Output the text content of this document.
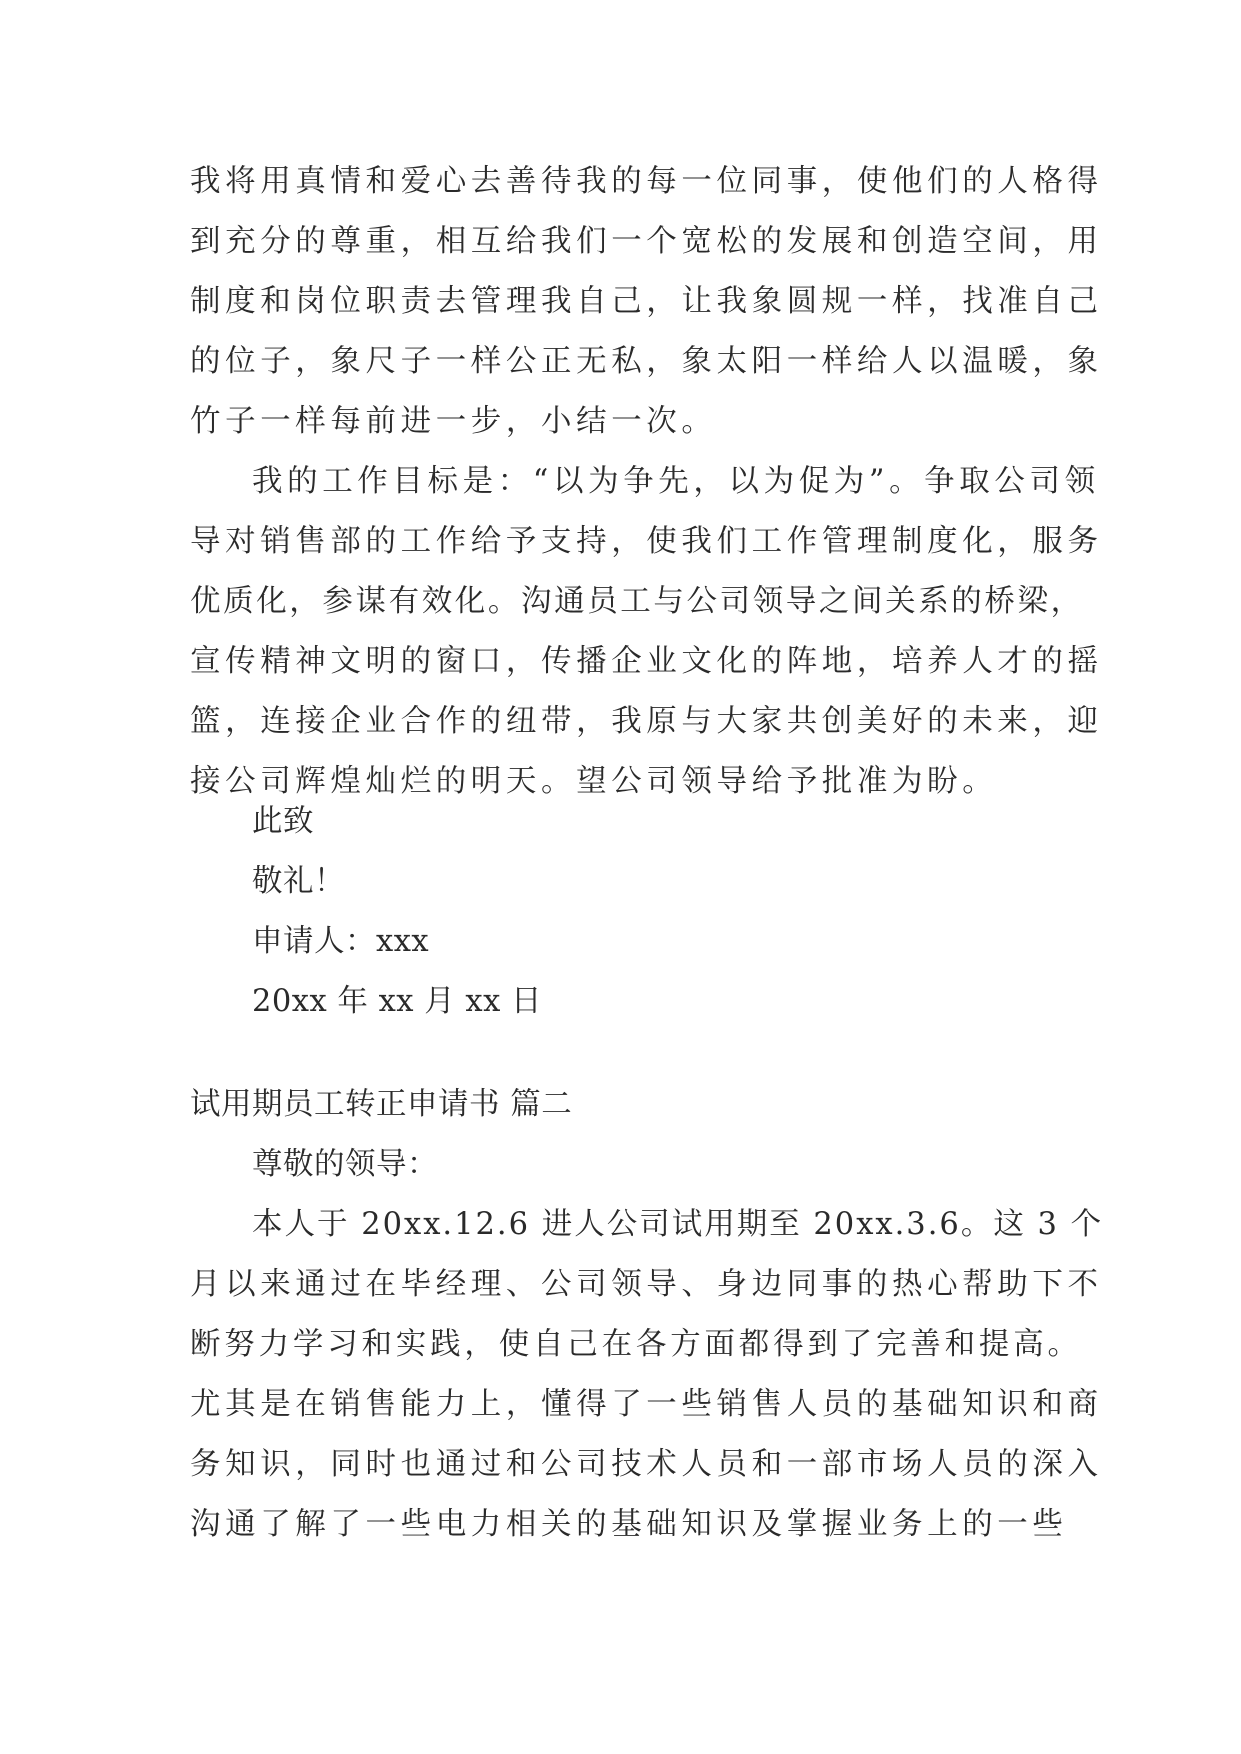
我将用真情和爱心去善待我的每一位同事，使他们的人格得
到充分的尊重，相互给我们一个宽松的发展和创造空间，用
制度和岗位职责去管理我自己，让我象圆规一样，找准自己
的位子，象尺子一样公正无私，象太阳一样给人以温暖，象
竹子一样每前进一步，小结一次。
我的工作目标是：“以为争先，以为促为”。争取公司领
导对销售部的工作给予支持，使我们工作管理制度化，服务
优质化，参谋有效化。沟通员工与公司领导之间关系的桥梁，
宣传精神文明的窗口，传播企业文化的阵地，培养人才的摇
篮，连接企业合作的纽带，我原与大家共创美好的未来，迎
接公司辉煌灿烂的明天。望公司领导给予批准为盼。
此致
敬礼！
申请人：xxx
20xx 年 xx 月 xx 日
试用期员工转正申请书 篇二
尊敬的领导：
本人于 20xx.12.6 进人公司试用期至 20xx.3.6。这 3 个
月以来通过在毕经理、公司领导、身边同事的热心帮助下不
断努力学习和实践，使自己在各方面都得到了完善和提高。
尤其是在销售能力上，懂得了一些销售人员的基础知识和商
务知识，同时也通过和公司技术人员和一部市场人员的深入
沟通了解了一些电力相关的基础知识及掌握业务上的一些
